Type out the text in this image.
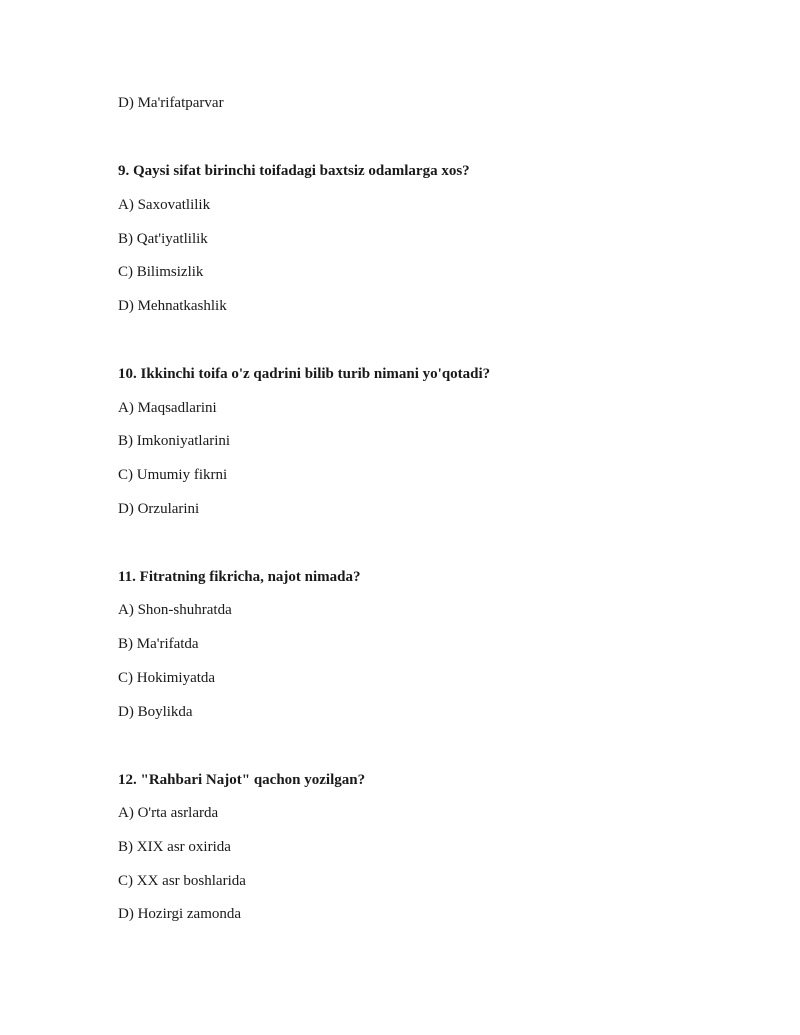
D) Ma'rifatparvar
9. Qaysi sifat birinchi toifadagi baxtsiz odamlarga xos?
A) Saxovatlilik
B) Qat'iyatlilik
C) Bilimsizlik
D) Mehnatkashlik
10. Ikkinchi toifa o'z qadrini bilib turib nimani yo'qotadi?
A) Maqsadlarini
B) Imkoniyatlarini
C) Umumiy fikrni
D) Orzularini
11. Fitratning fikricha, najot nimada?
A) Shon-shuhratda
B) Ma'rifatda
C) Hokimiyatda
D) Boylikda
12. "Rahbari Najot" qachon yozilgan?
A) O'rta asrlarda
B) XIX asr oxirida
C) XX asr boshlarida
D) Hozirgi zamonda
